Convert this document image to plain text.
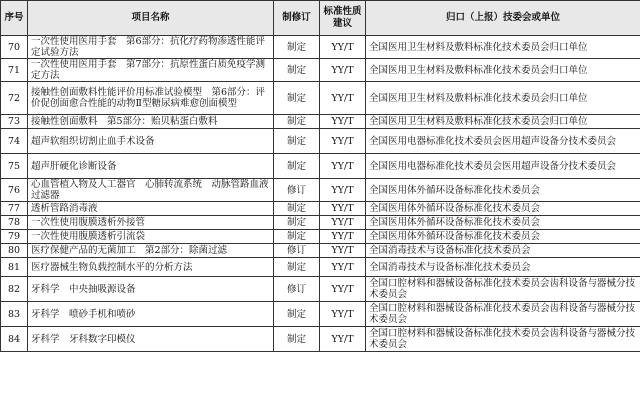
序号	项目名称	制修订	标准性质建议	归口（上报）技委会或单位
70	一次性使用医用手套　第6部分：抗化疗药物渗透性能评定试验方法	制定	YY/T	全国医用卫生材料及敷料标准化技术委员会归口单位
71	一次性使用医用手套　第7部分：抗原性蛋白质免疫学测定方法	制定	YY/T	全国医用卫生材料及敷料标准化技术委员会归口单位
72	接触性创面敷料性能评价用标准试验模型　第6部分：评价促创面愈合性能的动物Ⅱ型糖尿病难愈创面模型	制定	YY/T	全国医用卫生材料及敷料标准化技术委员会归口单位
73	接触性创面敷料　第5部分：贻贝粘蛋白敷料	制定	YY/T	全国医用卫生材料及敷料标准化技术委员会归口单位
74	超声软组织切割止血手术设备	制定	YY/T	全国医用电器标准化技术委员会医用超声设备分技术委员会
75	超声肝硬化诊断设备	制定	YY/T	全国医用电器标准化技术委员会医用超声设备分技术委员会
76	心血管植入物及人工器官　心肺转流系统　动脉管路血液过滤器	修订	YY/T	全国医用体外循环设备标准化技术委员会
77	透析管路消毒液	制定	YY/T	全国医用体外循环设备标准化技术委员会
78	一次性使用腹膜透析外接管	制定	YY/T	全国医用体外循环设备标准化技术委员会
79	一次性使用腹膜透析引流袋	制定	YY/T	全国医用体外循环设备标准化技术委员会
80	医疗保健产品的无菌加工　第2部分：除菌过滤	修订	YY/T	全国消毒技术与设备标准化技术委员会
81	医疗器械生物负载控制水平的分析方法	制定	YY/T	全国消毒技术与设备标准化技术委员会
82	牙科学　中央抽吸源设备	修订	YY/T	全国口腔材料和器械设备标准化技术委员会齿科设备与器械分技术委员会
83	牙科学　喷砂手机和喷砂	制定	YY/T	全国口腔材料和器械设备标准化技术委员会齿科设备与器械分技术委员会
84	牙科学　牙科数字印模仪	制定	YY/T	全国口腔材料和器械设备标准化技术委员会齿科设备与器械分技术委员会
